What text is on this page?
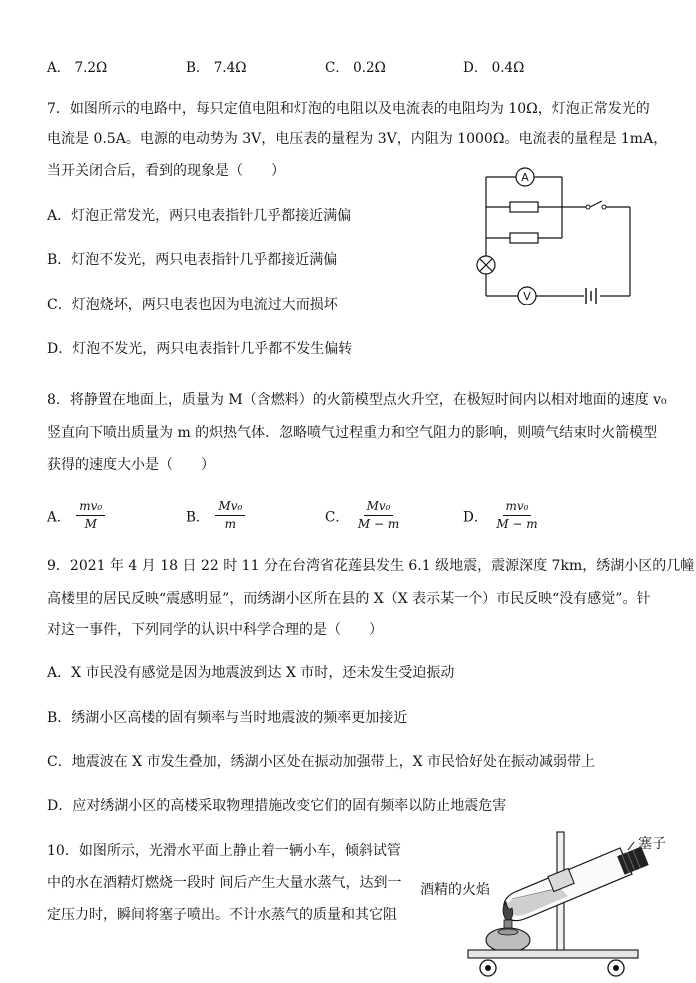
A． 7.2Ω	B． 7.4Ω	C． 0.2Ω	D． 0.4Ω
7．如图所示的电路中，每只定值电阻和灯泡的电阻以及电流表的电阻均为 10Ω，灯泡正常发光的
电流是 0.5A。电源的电动势为 3V，电压表的量程为 3V，内阻为 1000Ω。电流表的量程是 1mA，
当开关闭合后，看到的现象是（　　）
A．灯泡正常发光，两只电表指针几乎都接近满偏
B．灯泡不发光，两只电表指针几乎都接近满偏
C．灯泡烧坏，两只电表也因为电流过大而损坏
D．灯泡不发光，两只电表指针几乎都不发生偏转
A
V
8．将静置在地面上，质量为 M（含燃料）的火箭模型点火升空，在极短时间内以相对地面的速度 v₀
竖直向下喷出质量为 m 的炽热气体．忽略喷气过程重力和空气阻力的影响，则喷气结束时火箭模型
获得的速度大小是（　　）
A． $\frac{\text{mv₀}}{M}$	B． $\frac{\text{Mv₀}}{m}$	C． $\frac{\text{Mv₀}}{M - m}$	D． $\frac{\text{mv₀}}{M - m}$
9．2021 年 4 月 18 日 22 时 11 分在台湾省花莲县发生 6.1 级地震，震源深度 7km，绣湖小区的几幢
高楼里的居民反映“震感明显”，而绣湖小区所在县的 X（X 表示某一个）市民反映“没有感觉”。针
对这一事件，下列同学的认识中科学合理的是（　　）
A．X 市民没有感觉是因为地震波到达 X 市时，还未发生受迫振动
B．绣湖小区高楼的固有频率与当时地震波的频率更加接近
C．地震波在 X 市发生叠加，绣湖小区处在振动加强带上，X 市民恰好处在振动减弱带上
D．应对绣湖小区的高楼采取物理措施改变它们的固有频率以防止地震危害
10．如图所示，光滑水平面上静止着一辆小车，倾斜试管
中的水在酒精灯燃烧一段时 间后产生大量水蒸气，达到一
定压力时，瞬间将塞子喷出。不计水蒸气的质量和其它阻
塞子
酒精的火焰
